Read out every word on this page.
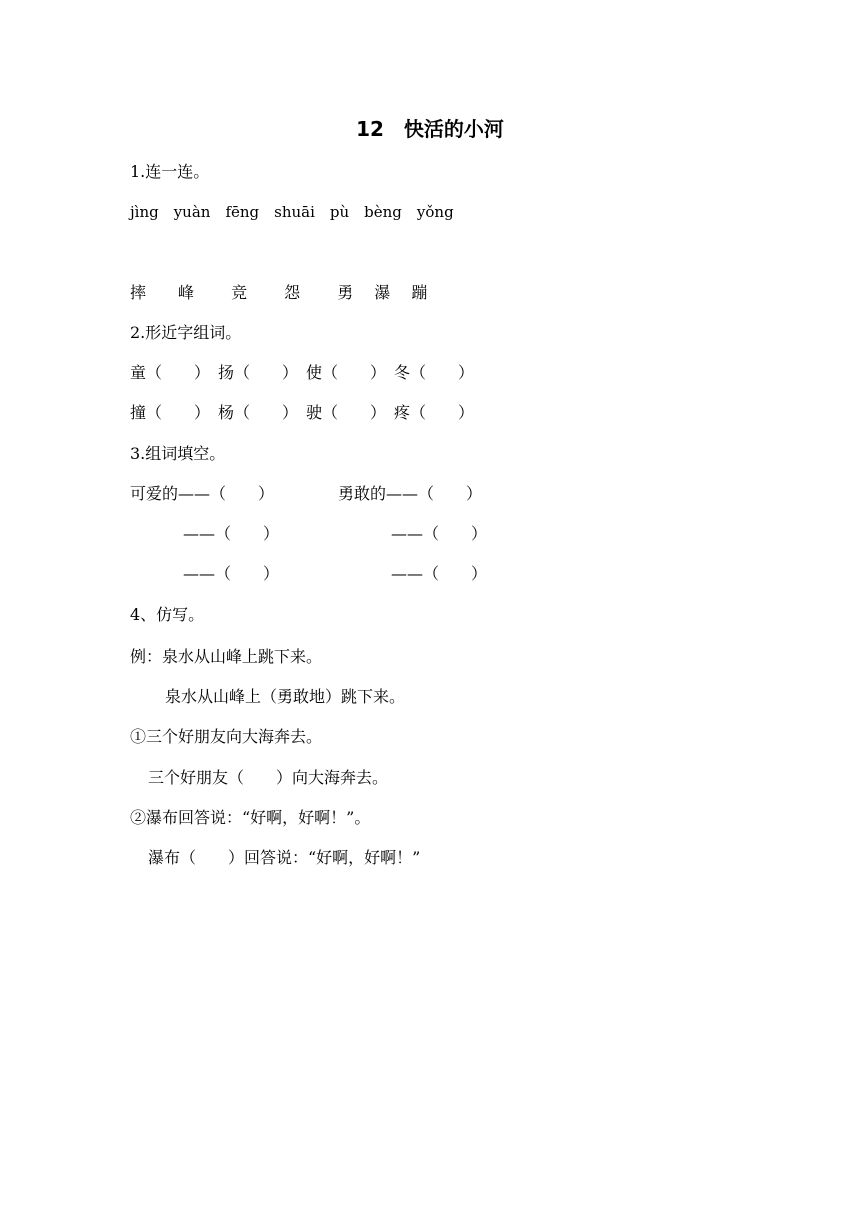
12　快活的小河
1.连一连。
jìng　yuàn　fēng　shuāi　pù　bèng　yǒng
摔　　峰　　 竞　　 怨　　 勇　 瀑　 蹦
2.形近字组词。
童（　　）　扬（　　）　使（　　）　冬（　　）
撞（　　）　杨（　　）　驶（　　）　疼（　　）
3.组词填空。
可爱的——（　　）	勇敢的——（　　）
——（　　）	——（　　）
——（　　）	——（　　）
4、仿写。
例：泉水从山峰上跳下来。
泉水从山峰上（勇敢地）跳下来。
①三个好朋友向大海奔去。
三个好朋友（　　）向大海奔去。
②瀑布回答说：“好啊，好啊！”。
瀑布（　　）回答说：“好啊，好啊！”
